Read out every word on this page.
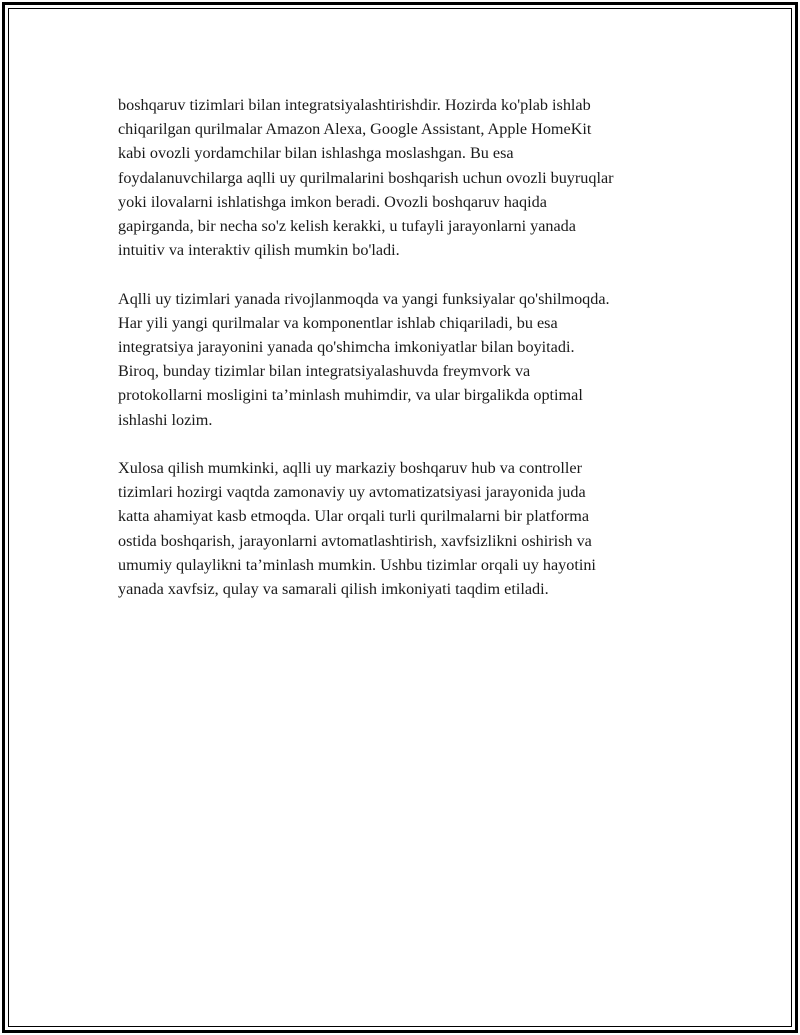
boshqaruv tizimlari bilan integratsiyalashtirishdir. Hozirda ko'plab ishlab
chiqarilgan qurilmalar Amazon Alexa, Google Assistant, Apple HomeKit
kabi ovozli yordamchilar bilan ishlashga moslashgan. Bu esa
foydalanuvchilarga aqlli uy qurilmalarini boshqarish uchun ovozli buyruqlar
yoki ilovalarni ishlatishga imkon beradi. Ovozli boshqaruv haqida
gapirganda, bir necha so'z kelish kerakki, u tufayli jarayonlarni yanada
intuitiv va interaktiv qilish mumkin bo'ladi.

Aqlli uy tizimlari yanada rivojlanmoqda va yangi funksiyalar qo'shilmoqda.
Har yili yangi qurilmalar va komponentlar ishlab chiqariladi, bu esa
integratsiya jarayonini yanada qo'shimcha imkoniyatlar bilan boyitadi.
Biroq, bunday tizimlar bilan integratsiyalashuvda freymvork va
protokollarni mosligini ta’minlash muhimdir, va ular birgalikda optimal
ishlashi lozim.

Xulosa qilish mumkinki, aqlli uy markaziy boshqaruv hub va controller
tizimlari hozirgi vaqtda zamonaviy uy avtomatizatsiyasi jarayonida juda
katta ahamiyat kasb etmoqda. Ular orqali turli qurilmalarni bir platforma
ostida boshqarish, jarayonlarni avtomatlashtirish, xavfsizlikni oshirish va
umumiy qulaylikni ta’minlash mumkin. Ushbu tizimlar orqali uy hayotini
yanada xavfsiz, qulay va samarali qilish imkoniyati taqdim etiladi.
